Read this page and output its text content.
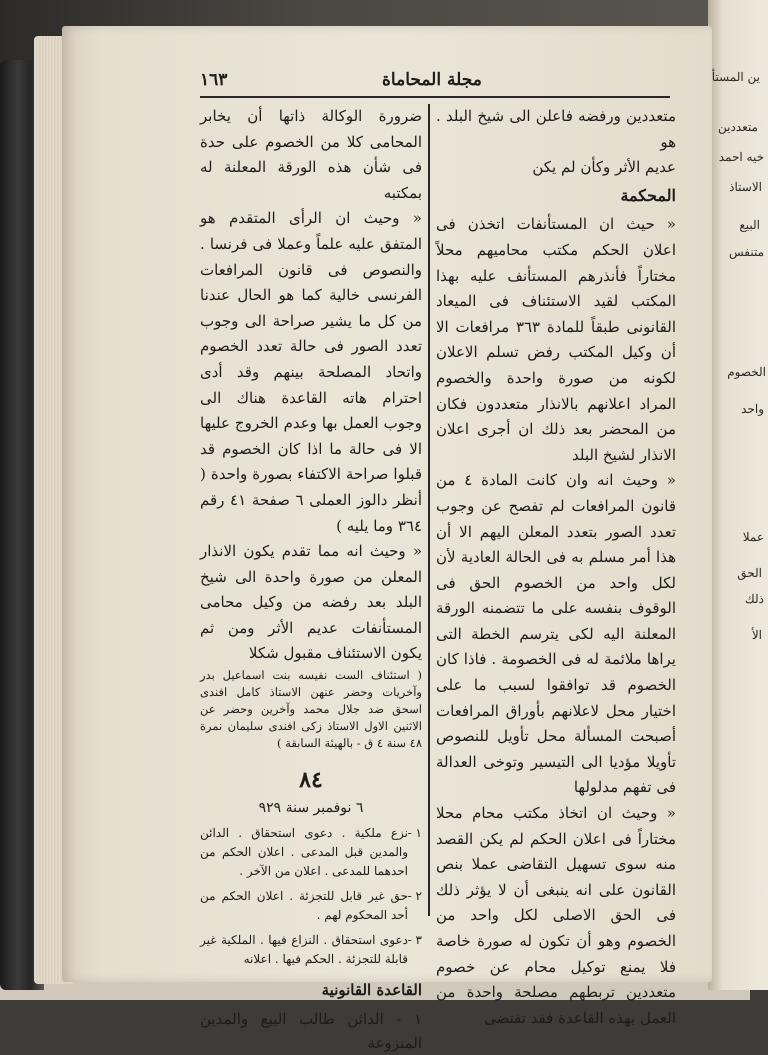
ين المستأ
متعددين
خيه احمد
الاستاذ
البيع
متنفس
الخصوم
واحد
عملا
الحق
ذلك
الأ
١٦٣	مجلة المحاماة

متعددين ورفضه فاعلن الى شيخ البلد . هو

عديم الأثر وكأن لم يكن

المحكمة

« حيث ان المستأنفات اتخذن فى اعلان الحكم مكتب محاميهم محلاً مختاراً فأنذرهم المستأنف عليه بهذا المكتب لقيد الاستئناف فى الميعاد القانونى طبقاً للمادة ٣٦٣ مرافعات الا أن وكيل المكتب رفض تسلم الاعلان لكونه من صورة واحدة والخصوم المراد اعلانهم بالانذار متعددون فكان من المحضر بعد ذلك ان أجرى اعلان الانذار لشيخ البلد

« وحيث انه وان كانت المادة ٤ من قانون المرافعات لم تفصح عن وجوب تعدد الصور بتعدد المعلن اليهم الا أن هذا أمر مسلم به فى الحالة العادية لأن لكل واحد من الخصوم الحق فى الوقوف بنفسه على ما تتضمنه الورقة المعلنة اليه لكى يترسم الخطة التى يراها ملائمة له فى الخصومة . فاذا كان الخصوم قد توافقوا لسبب ما على اختيار محل لاعلانهم بأوراق المرافعات أصبحت المسألة محل تأويل للنصوص تأويلا مؤديا الى التيسير وتوخى العدالة فى تفهم مدلولها

« وحيث ان اتخاذ مكتب محام محلا مختاراً فى اعلان الحكم لم يكن القصد منه سوى تسهيل التقاضى عملا بنص القانون على انه ينبغى أن لا يؤثر ذلك فى الحق الاصلى لكل واحد من الخصوم وهو أن تكون له صورة خاصة فلا يمنع توكيل محام عن خصوم متعددين تربطهم مصلحة واحدة من العمل بهذه القاعدة فقد تقتضى

ضرورة الوكالة ذاتها أن يخابر المحامى كلا من الخصوم على حدة فى شأن هذه الورقة المعلنة له بمكتبه

« وحيث ان الرأى المتقدم هو المتفق عليه علماً وعملا فى فرنسا . والنصوص فى قانون المرافعات الفرنسى خالية كما هو الحال عندنا من كل ما يشير صراحة الى وجوب تعدد الصور فى حالة تعدد الخصوم واتحاد المصلحة بينهم وقد أدى احترام هاته القاعدة هناك الى وجوب العمل بها وعدم الخروج عليها الا فى حالة ما اذا كان الخصوم قد قبلوا صراحة الاكتفاء بصورة واحدة ( أنظر دالوز العملى ٦ صفحة ٤١ رقم ٣٦٤ وما يليه )

« وحيث انه مما تقدم يكون الانذار المعلن من صورة واحدة الى شيخ البلد بعد رفضه من وكيل محامى المستأنفات عديم الأثر ومن ثم يكون الاستئناف مقبول شكلا

( استئناف الست نفيسه بنت اسماعيل بدر وآخريات وحضر عنهن الاستاذ كامل افندى اسحق ضد جلال محمد وآخرين وحضر عن الاثنين الاول الاستاذ زكى افندى سليمان نمرة ٤٨ سنة ٤ ق - بالهيئة السابقة )

٨٤
٦ نوفمبر سنة ٩٢٩
١ -
نزع ملكية . دعوى استحقاق . الدائن والمدين قبل المدعى . اعلان الحكم من احدهما للمدعى . اعلان من الآخر .
٢ -
حق غير قابل للتجزئة . اعلان الحكم من أحد المحكوم لهم .
٣ -
دعوى استحقاق . النزاع فيها . الملكية غير قابلة للتجزئة . الحكم فيها . اعلانه
القاعدة القانونية

١ - الدائن طالب البيع والمدين المنزوعة
